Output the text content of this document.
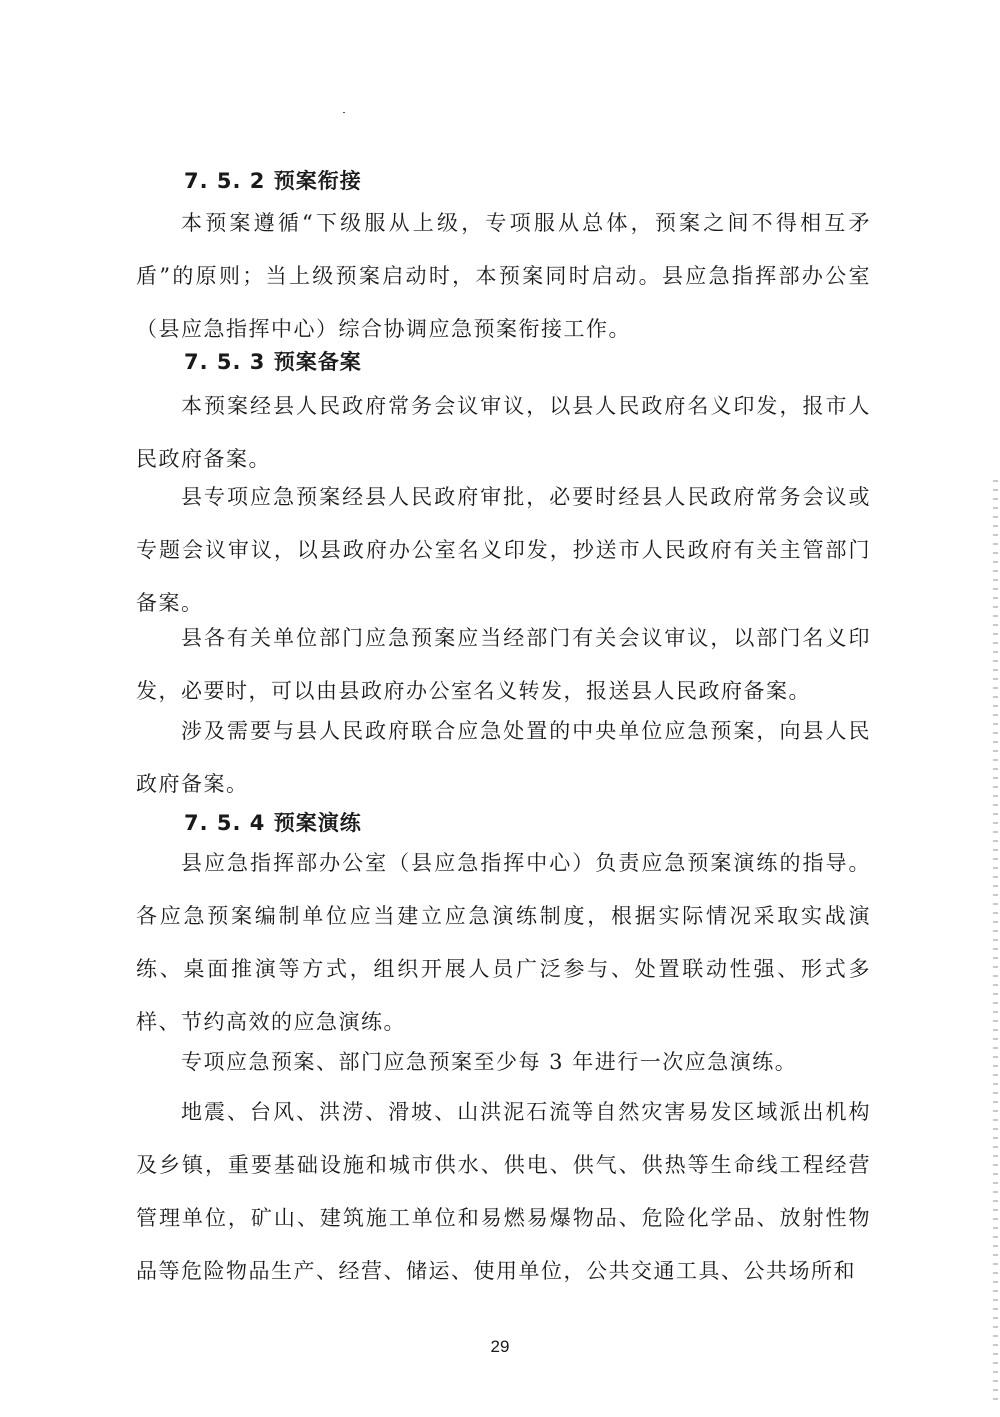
7. 5. 2 预案衔接
本预案遵循“下级服从上级，专项服从总体，预案之间不得相互矛盾”的原则；当上级预案启动时，本预案同时启动。县应急指挥部办公室（县应急指挥中心）综合协调应急预案衔接工作。
7. 5. 3 预案备案
本预案经县人民政府常务会议审议，以县人民政府名义印发，报市人民政府备案。
县专项应急预案经县人民政府审批，必要时经县人民政府常务会议或专题会议审议，以县政府办公室名义印发，抄送市人民政府有关主管部门备案。
县各有关单位部门应急预案应当经部门有关会议审议，以部门名义印发，必要时，可以由县政府办公室名义转发，报送县人民政府备案。
涉及需要与县人民政府联合应急处置的中央单位应急预案，向县人民政府备案。
7. 5. 4 预案演练
县应急指挥部办公室（县应急指挥中心）负责应急预案演练的指导。各应急预案编制单位应当建立应急演练制度，根据实际情况采取实战演练、桌面推演等方式，组织开展人员广泛参与、处置联动性强、形式多样、节约高效的应急演练。
专项应急预案、部门应急预案至少每 3 年进行一次应急演练。
地震、台风、洪涝、滑坡、山洪泥石流等自然灾害易发区域派出机构及乡镇，重要基础设施和城市供水、供电、供气、供热等生命线工程经营管理单位，矿山、建筑施工单位和易燃易爆物品、危险化学品、放射性物品等危险物品生产、经营、储运、使用单位，公共交通工具、公共场所和
29
